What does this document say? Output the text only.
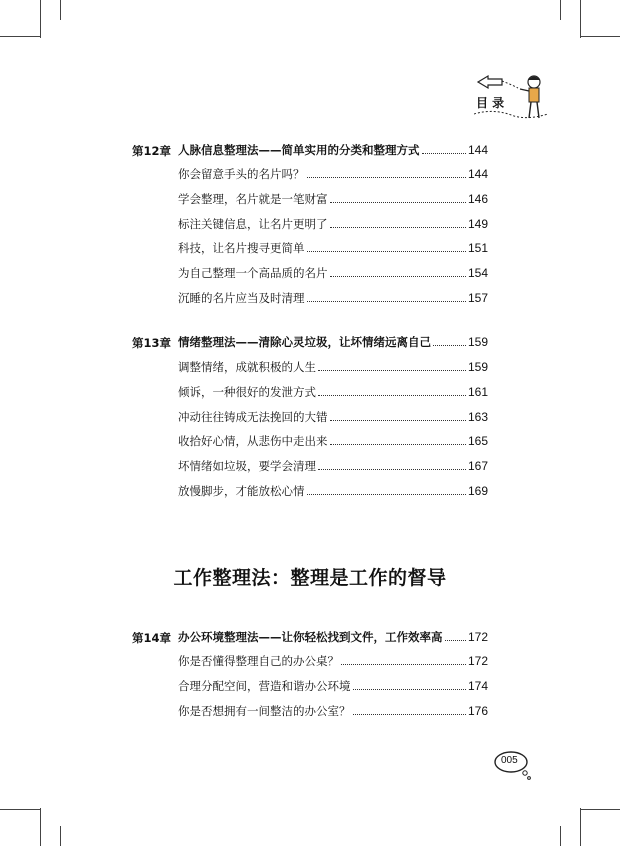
目 录
第12章 人脉信息整理法——简单实用的分类和整理方式	144
你会留意手头的名片吗？	144
学会整理，名片就是一笔财富	146
标注关键信息，让名片更明了	149
科技，让名片搜寻更简单	151
为自己整理一个高品质的名片	154
沉睡的名片应当及时清理	157
第13章 情绪整理法——清除心灵垃圾，让坏情绪远离自己	159
调整情绪，成就积极的人生	159
倾诉，一种很好的发泄方式	161
冲动往往铸成无法挽回的大错	163
收拾好心情，从悲伤中走出来	165
坏情绪如垃圾，要学会清理	167
放慢脚步，才能放松心情	169
第14章 办公环境整理法——让你轻松找到文件，工作效率高 172
你是否懂得整理自己的办公桌？	172
合理分配空间，营造和谐办公环境	174
你是否想拥有一间整洁的办公室？	176
工作整理法：整理是工作的督导
005
